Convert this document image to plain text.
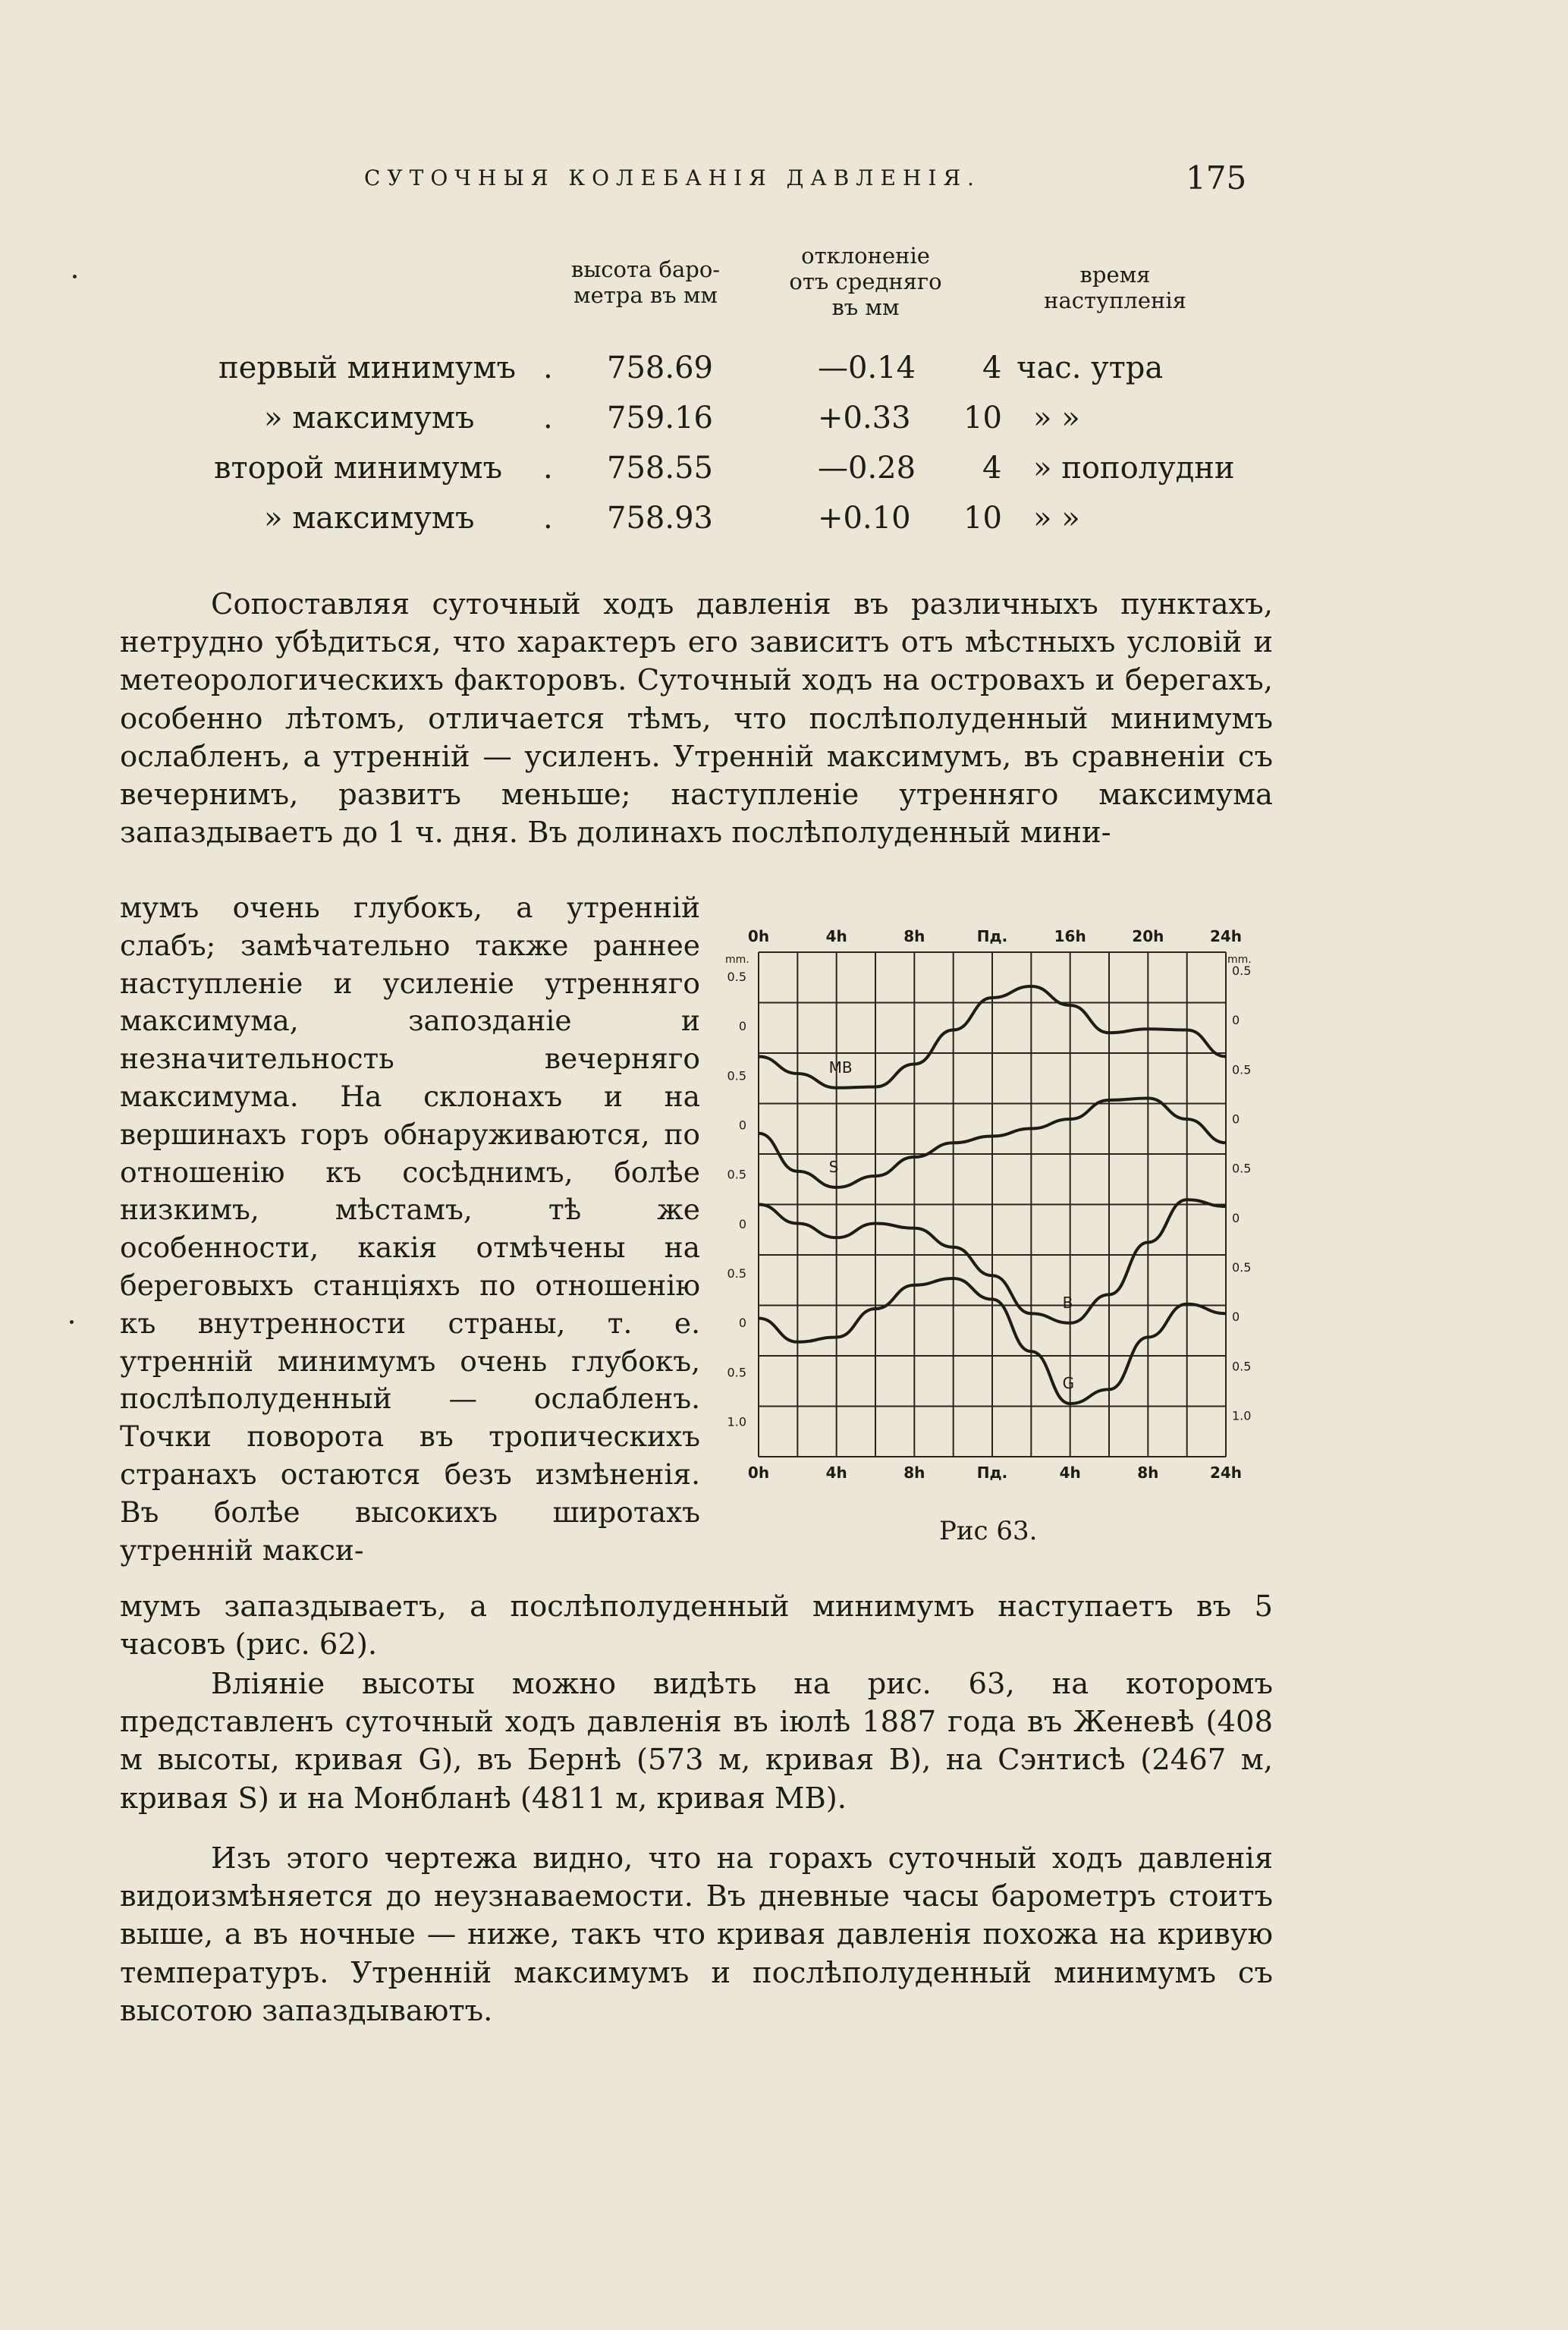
СУТОЧНЫЯ КОЛЕБАНІЯ ДАВЛЕНІЯ.	175
высота баро-
метра въ мм
отклоненіе
отъ средняго
въ мм
время
наступленія
первый минимумъ . 758.69	—0.14 4 час. утра
» максимумъ . 759.16	+0.33 10 » »
второй минимумъ . 758.55	—0.28 4 » пополудни
» максимумъ . 758.93	+0.10 10 » »

Сопоставляя суточный ходъ давленія въ различныхъ пунктахъ, нетрудно убѣдиться, что характеръ его зависитъ отъ мѣстныхъ условій и метеорологическихъ факторовъ. Суточный ходъ на островахъ и берегахъ, особенно лѣтомъ, отличается тѣмъ, что послѣполуденный минимумъ ослабленъ, а утренній — усиленъ. Утренній максимумъ, въ сравненіи съ вечернимъ, развитъ меньше; наступленіе утренняго максимума запаздываетъ до 1 ч. дня. Въ долинахъ послѣполуденный мини-

мумъ очень глубокъ, а утренній слабъ; замѣчательно также раннее наступленіе и усиленіе утренняго максимума, запозданіе и незначительность вечерняго максимума. На склонахъ и на вершинахъ горъ обнаруживаются, по отношенію къ сосѣднимъ, болѣе низкимъ, мѣстамъ, тѣ же особенности, какія отмѣчены на береговыхъ станціяхъ по отношенію къ внутренности страны, т. е. утренній минимумъ очень глубокъ, послѣполуденный — ослабленъ. Точки поворота въ тропическихъ странахъ остаются безъ измѣненія. Въ болѣе высокихъ широтахъ утренній макси-

0h	4h	8h	Пд.	16h	20h	24h
0h	4h	8h	Пд.	4h	8h	24h
mm.	mm.
0.5
0
0.5
0
0.5
0
0.5
0
0.5
1.0
0.5
0
0.5
0
0.5
0
0.5
0
0.5
1.0
MB
S
B
G
Рис 63.

мумъ запаздываетъ, а послѣполуденный минимумъ наступаетъ въ 5 часовъ (рис. 62).

Вліяніе высоты можно видѣть на рис. 63, на которомъ представленъ суточный ходъ давленія въ іюлѣ 1887 года въ Женевѣ (408 м высоты, кривая G), въ Бернѣ (573 м, кривая B), на Сэнтисѣ (2467 м, кривая S) и на Монбланѣ (4811 м, кривая MB).

Изъ этого чертежа видно, что на горахъ суточный ходъ давленія видоизмѣняется до неузнаваемости. Въ дневные часы барометръ стоитъ выше, а въ ночные — ниже, такъ что кривая давленія похожа на кривую температуръ. Утренній максимумъ и послѣполуденный минимумъ съ высотою запаздываютъ.
